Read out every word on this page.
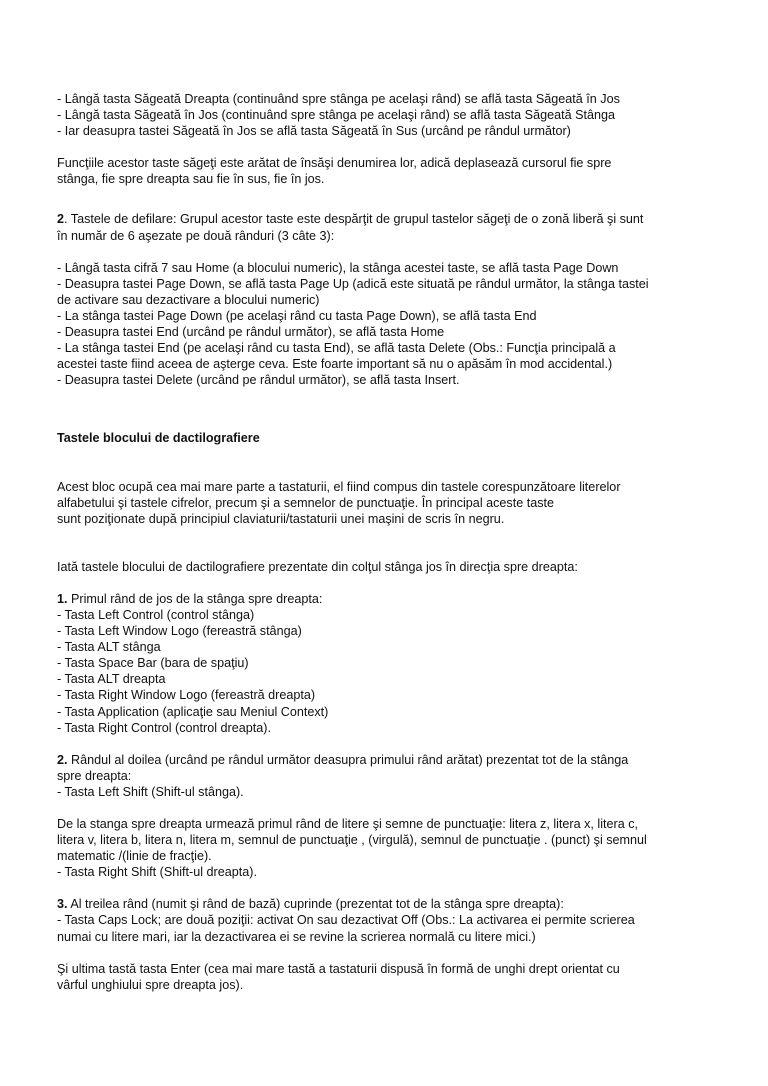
- Lângă tasta Săgeată Dreapta (continuând spre stânga pe acelaşi rând) se află tasta Săgeată în Jos
- Lângă tasta Săgeată în Jos (continuând spre stânga pe acelaşi rând) se află tasta Săgeată Stânga
- Iar deasupra tastei Săgeată în Jos se află tasta Săgeată în Sus (urcând pe rândul următor)
Funcţiile acestor taste săgeţi este arătat de însăşi denumirea lor, adică deplasează cursorul fie spre
stânga, fie spre dreapta sau fie în sus, fie în jos.
2. Tastele de defilare: Grupul acestor taste este despărţit de grupul tastelor săgeţi de o zonă liberă şi sunt
în număr de 6 aşezate pe două rânduri (3 câte 3):
- Lângă tasta cifră 7 sau Home (a blocului numeric), la stânga acestei taste, se află tasta Page Down
- Deasupra tastei Page Down, se află tasta Page Up (adică este situată pe rândul următor, la stânga tastei
de activare sau dezactivare a blocului numeric)
- La stânga tastei Page Down (pe acelaşi rând cu tasta Page Down), se află tasta End
- Deasupra tastei End (urcând pe rândul următor), se află tasta Home
- La stânga tastei End (pe acelaşi rând cu tasta End), se află tasta Delete (Obs.: Funcţia principală a
acestei taste fiind aceea de aşterge ceva. Este foarte important să nu o apăsăm în mod accidental.)
- Deasupra tastei Delete (urcând pe rândul următor), se află tasta Insert.
Tastele blocului de dactilografiere
Acest bloc ocupă cea mai mare parte a tastaturii, el fiind compus din tastele corespunzătoare literelor
alfabetului şi tastele cifrelor, precum şi a semnelor de punctuaţie. În principal aceste taste
sunt poziţionate după principiul claviaturii/tastaturii unei maşini de scris în negru.
Iată tastele blocului de dactilografiere prezentate din colţul stânga jos în direcţia spre dreapta:
1. Primul rând de jos de la stânga spre dreapta:
- Tasta Left Control (control stânga)
- Tasta Left Window Logo (fereastră stânga)
- Tasta ALT stânga
- Tasta Space Bar (bara de spaţiu)
- Tasta ALT dreapta
- Tasta Right Window Logo (fereastră dreapta)
- Tasta Application (aplicaţie sau Meniul Context)
- Tasta Right Control (control dreapta).
2. Rândul al doilea (urcând pe rândul următor deasupra primului rând arătat) prezentat tot de la stânga
spre dreapta:
- Tasta Left Shift (Shift-ul stânga).
De la stanga spre dreapta urmează primul rând de litere şi semne de punctuaţie: litera z, litera x, litera c,
litera v, litera b, litera n, litera m, semnul de punctuaţie , (virgulă), semnul de punctuaţie . (punct) şi semnul
matematic /(linie de fracţie).
- Tasta Right Shift (Shift-ul dreapta).
3. Al treilea rând (numit şi rând de bază) cuprinde (prezentat tot de la stânga spre dreapta):
- Tasta Caps Lock; are două poziţii: activat On sau dezactivat Off (Obs.: La activarea ei permite scrierea
numai cu litere mari, iar la dezactivarea ei se revine la scrierea normală cu litere mici.)
Şi ultima tastă tasta Enter (cea mai mare tastă a tastaturii dispusă în formă de unghi drept orientat cu
vârful unghiului spre dreapta jos).
